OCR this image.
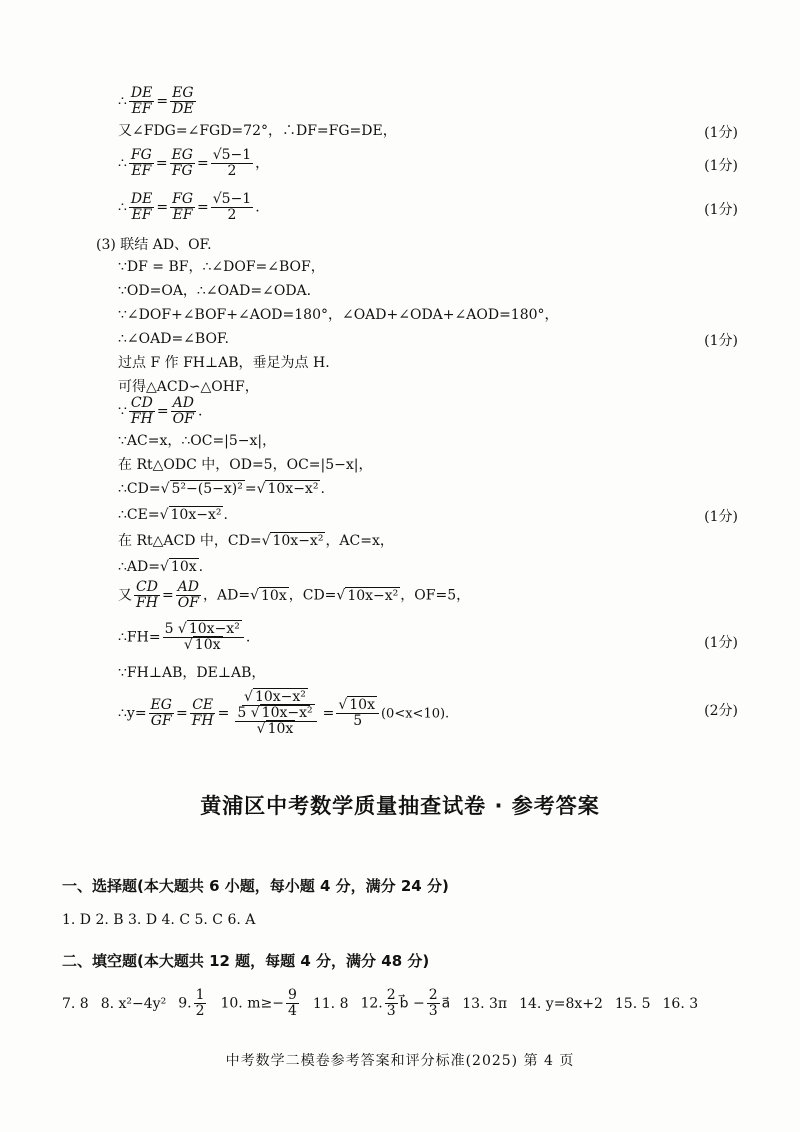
∴ $\frac{DE}{EF} = \frac{EG}{DE}$
又∠FDG=∠FGD=72°，∴DF=FG=DE，	(1分)
∴ $\frac{FG}{EF} = \frac{EG}{FG} = \frac{√5-1}{2}$ ，	(1分)
∴ $\frac{DE}{EF} = \frac{FG}{EF} = \frac{√5-1}{2}$ .	(1分)
(3) 联结 AD、OF.
∵DF = BF，∴∠DOF=∠BOF，
∵OD=OA，∴∠OAD=∠ODA.
∵∠DOF+∠BOF+∠AOD=180°，∠OAD+∠ODA+∠AOD=180°，
∴∠OAD=∠BOF.	(1分)
过点 F 作 FH⊥AB，垂足为点 H.
可得△ACD∽△OHF，
∵ $\frac{CD}{FH} = \frac{AD}{OF}$ .
∵AC=x，∴OC=|5−x|，
在 Rt△ODC 中，OD=5，OC=|5−x|，
∴CD=√ 5²−(5−x)² =√ 10x−x² .
∴CE=√ 10x−x² .	(1分)
在 Rt△ACD 中，CD=√ 10x−x² ，AC=x，
∴AD=√ 10x .
又 $\frac{CD}{FH} = \frac{AD}{OF}$ ，AD=√ 10x ，CD=√ 10x−x² ，OF=5，
∴FH= $\frac{\text{5 √ 10x−x²}}{√ 10x}$ .	(1分)
∵FH⊥AB，DE⊥AB，
∴y= $\frac{EG}{GF} = \frac{CE}{FH} = \frac{\text{√ 10x−x²}}{\frac{\text{5 √ 10x−x²}}{√ 10x}} = \frac{√ 10x}{5} (0<x<10)$.	(2分)
黄浦区中考数学质量抽查试卷 · 参考答案
一、选择题(本大题共 6 小题，每小题 4 分，满分 24 分)
1. D 2. B 3. D 4. C 5. C 6. A
二、填空题(本大题共 12 题，每题 4 分，满分 48 分)
7. 8 8. x²−4y² 9. $\frac{1}{2} 10$. $m\ge- \frac{9}{4} 11$. 8 12. $\frac{2}{3}$ b⃗ − $\frac{2}{3}$ a⃗ 13. 3π 14. y=8x+2 15. 5 16. 3
中考数学二模卷参考答案和评分标准(2025) 第 4 页
